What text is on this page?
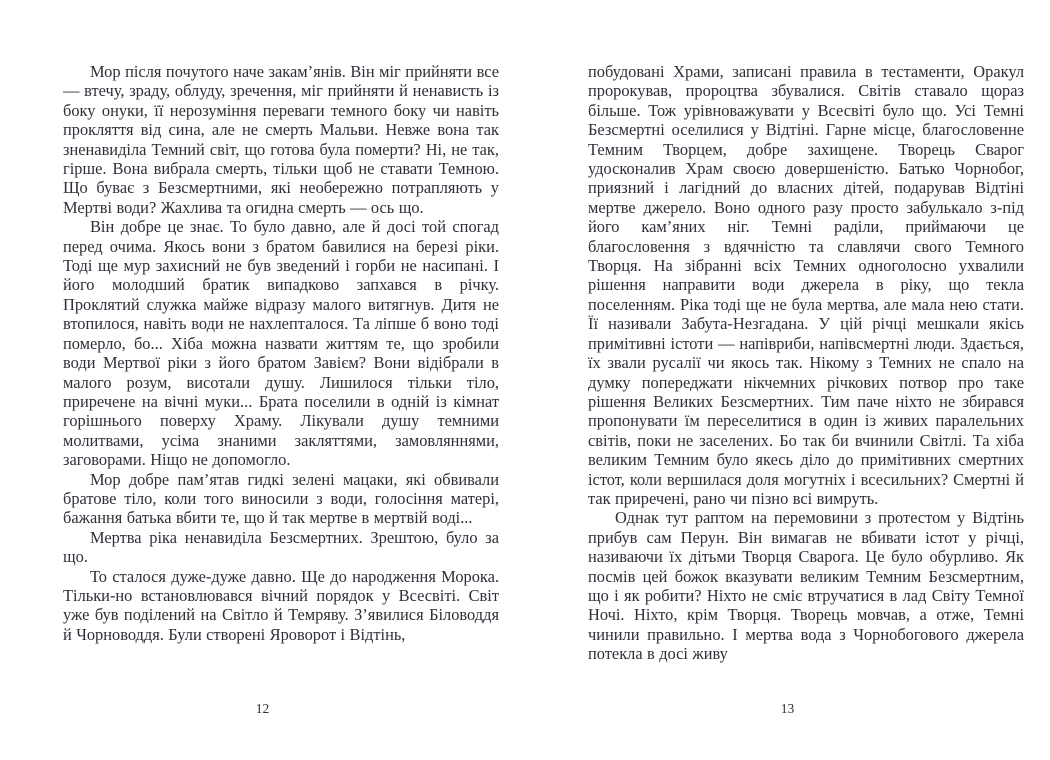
Мор після почутого наче закам’янів. Він міг прийняти все — втечу, зраду, облуду, зречення, міг прийняти й ненависть із боку онуки, її нерозуміння переваги темного боку чи навіть прокляття від сина, але не смерть Мальви. Невже вона так зненавиділа Темний світ, що готова була померти? Ні, не так, гірше. Вона вибрала смерть, тільки щоб не ставати Темною. Що буває з Безсмертними, які необережно потрапляють у Мертві води? Жахлива та огидна смерть — ось що.

Він добре це знає. То було давно, але й досі той спогад перед очима. Якось вони з братом бавилися на березі ріки. Тоді ще мур захисний не був зведений і горби не насипані. І його молодший братик випадково запхався в річку. Проклятий служка майже відразу малого витягнув. Дитя не втопилося, навіть води не нахлепталося. Та ліпше б воно тоді померло, бо... Хіба можна назвати життям те, що зробили води Мертвої ріки з його братом Завієм? Вони відібрали в малого розум, висотали душу. Лишилося тільки тіло, приречене на вічні муки... Брата поселили в одній із кімнат горішнього поверху Храму. Лікували душу темними молитвами, усіма знаними закляттями, замовляннями, заговорами. Ніщо не допомогло.

Мор добре пам’ятав гидкі зелені мацаки, які обвивали братове тіло, коли того виносили з води, голосіння матері, бажання батька вбити те, що й так мертве в мертвій воді...

Мертва ріка ненавиділа Безсмертних. Зрештою, було за що.

То сталося дуже-дуже давно. Ще до народження Морока. Тільки-но встановлювався вічний порядок у Всесвіті. Світ уже був поділений на Світло й Темряву. З’явилися Біловоддя й Чорноводдя. Були створені Яроворот і Відтінь,

12

побудовані Храми, записані правила в тестаменти, Оракул пророкував, пророцтва збувалися. Світів ставало щораз більше. Тож урівноважувати у Всесвіті було що. Усі Темні Безсмертні оселилися у Відтіні. Гарне місце, благословенне Темним Творцем, добре захищене. Творець Сварог удосконалив Храм своєю довершеністю. Батько Чорнобог, приязний і лагідний до власних дітей, подарував Відтіні мертве джерело. Воно одного разу просто забулькало з-під його кам’яних ніг. Темні раділи, приймаючи це благословення з вдячністю та славлячи свого Темного Творця. На зібранні всіх Темних одноголосно ухвалили рішення направити води джерела в ріку, що текла поселенням. Ріка тоді ще не була мертва, але мала нею стати. Її називали Забута-Незгадана. У цій річці мешкали якісь примітивні істоти — напівриби, напівсмертні люди. Здається, їх звали русалії чи якось так. Нікому з Темних не спало на думку попереджати нікчемних річкових потвор про таке рішення Великих Безсмертних. Тим паче ніхто не збирався пропонувати їм переселитися в один із живих паралельних світів, поки не заселених. Бо так би вчинили Світлі. Та хіба великим Темним було якесь діло до примітивних смертних істот, коли вершилася доля могутніх і всесильних? Смертні й так приречені, рано чи пізно всі вимруть.

Однак тут раптом на перемовини з протестом у Відтінь прибув сам Перун. Він вимагав не вбивати істот у річці, називаючи їх дітьми Творця Сварога. Це було обурливо. Як посмів цей божок вказувати великим Темним Безсмертним, що і як робити? Ніхто не сміє втручатися в лад Світу Темної Ночі. Ніхто, крім Творця. Творець мовчав, а отже, Темні чинили правильно. І мертва вода з Чорнобогового джерела потекла в досі живу

13
